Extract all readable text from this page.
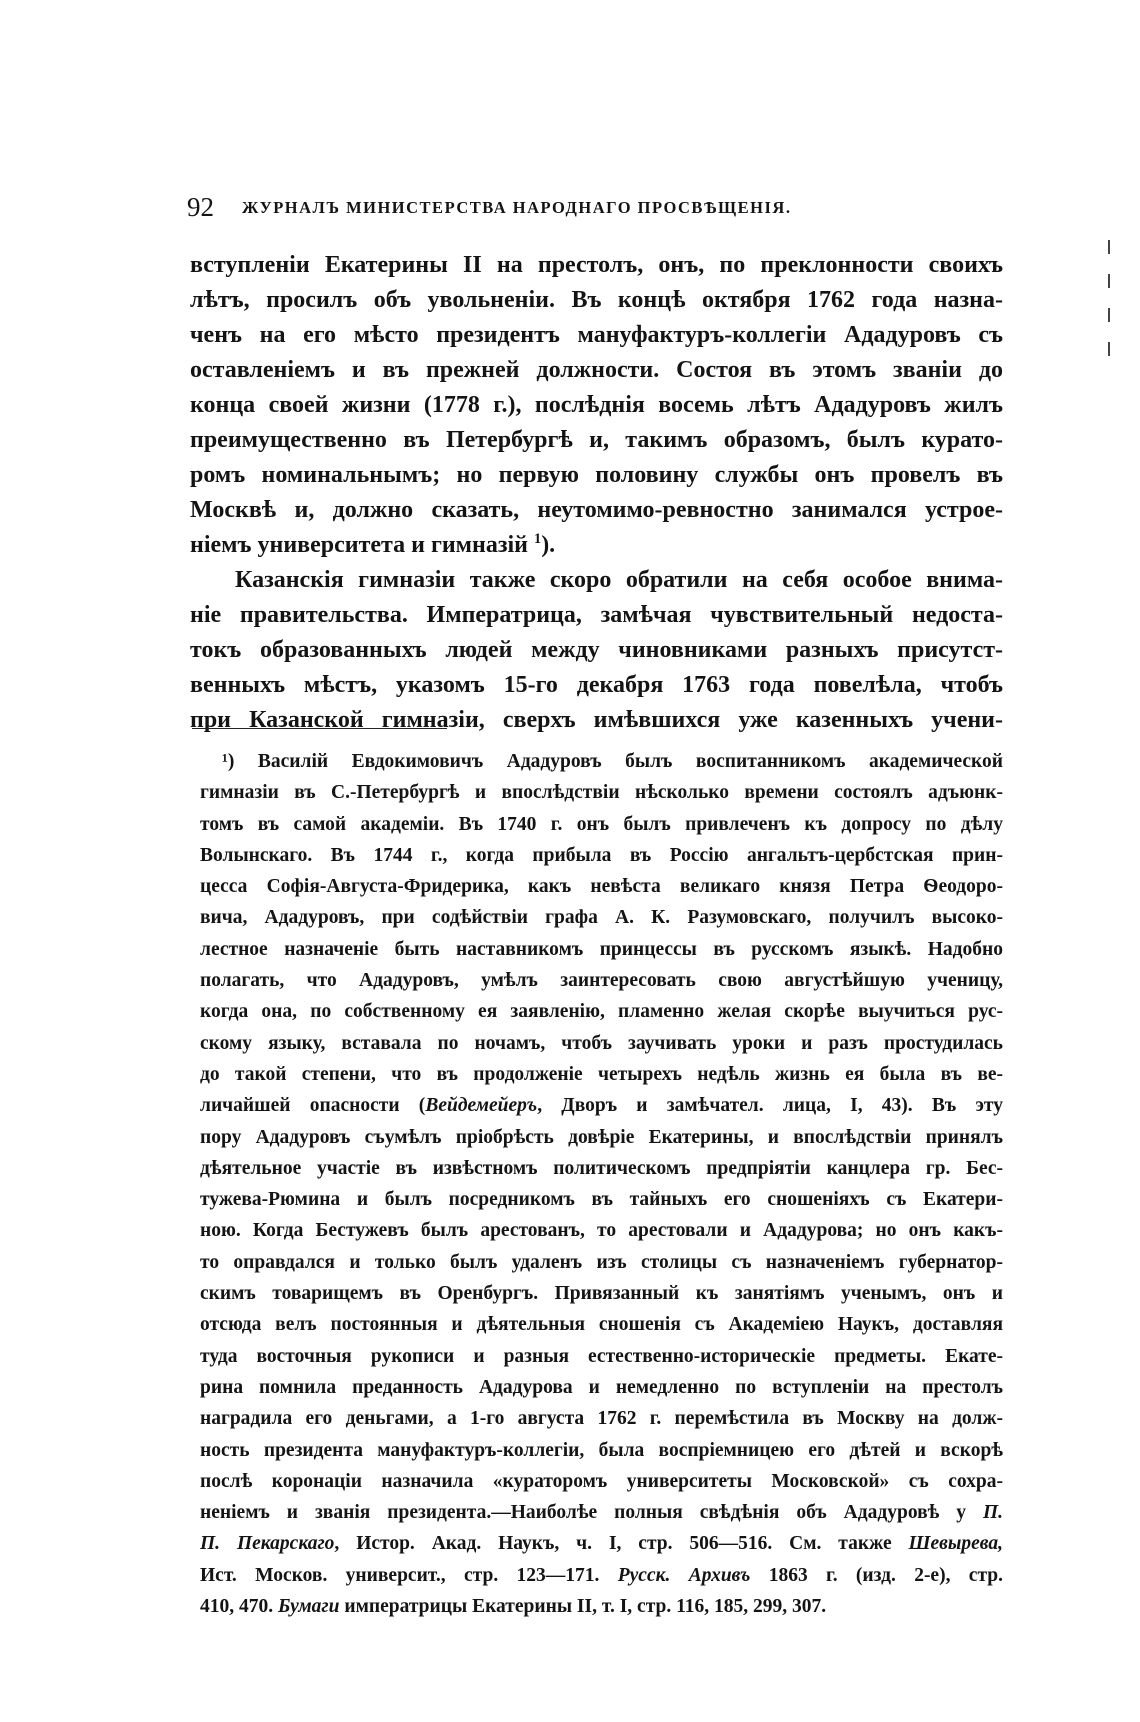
92 ЖУРНАЛЪ МИНИСТЕРСТВА НАРОДНАГО ПРОСВѢЩЕНІЯ.
вступленіи Екатерины II на престолъ, онъ, по преклонности своихъ
лѣтъ, просилъ объ увольненіи. Въ концѣ октября 1762 года назна-
ченъ на его мѣсто президентъ мануфактуръ-коллегіи Ададуровъ съ
оставленіемъ и въ прежней должности. Состоя въ этомъ званіи до
конца своей жизни (1778 г.), послѣднія восемь лѣтъ Ададуровъ жилъ
преимущественно въ Петербургѣ и, такимъ образомъ, былъ курато-
ромъ номинальнымъ; но первую половину службы онъ провелъ въ
Москвѣ и, должно сказать, неутомимо-ревностно занимался устрое-
ніемъ университета и гимназій $^1$).
Казанскія гимназіи также скоро обратили на себя особое внима-
ніе правительства. Императрица, замѣчая чувствительный недоста-
токъ образованныхъ людей между чиновниками разныхъ присутст-
венныхъ мѣстъ, указомъ 15-го декабря 1763 года повелѣла, чтобъ
при Казанской гимназіи, сверхъ имѣвшихся уже казенныхъ учени-
¹) Василій Евдокимовичъ Ададуровъ былъ воспитанникомъ академической
гимназіи въ С.-Петербургѣ и впослѣдствіи нѣсколько времени состоялъ адъюнк-
томъ въ самой академіи. Въ 1740 г. онъ былъ привлеченъ къ допросу по дѣлу
Волынскаго. Въ 1744 г., когда прибыла въ Россію ангальтъ-цербстская прин-
цесса Софія-Августа-Фридерика, какъ невѣста великаго князя Петра Ѳеодоро-
вича, Ададуровъ, при содѣйствіи графа А. К. Разумовскаго, получилъ высоко-
лестное назначеніе быть наставникомъ принцессы въ русскомъ языкѣ. Надобно
полагать, что Ададуровъ, умѣлъ заинтересовать свою августѣйшую ученицу,
когда она, по собственному ея заявленію, пламенно желая скорѣе выучиться рус-
скому языку, вставала по ночамъ, чтобъ заучивать уроки и разъ простудилась
до такой степени, что въ продолженіе четырехъ недѣль жизнь ея была въ ве-
личайшей опасности (Вейдемейеръ, Дворъ и замѣчател. лица, I, 43). Въ эту
пору Ададуровъ съумѣлъ пріобрѣсть довѣріе Екатерины, и впослѣдствіи принялъ
дѣятельное участіе въ извѣстномъ политическомъ предпріятіи канцлера гр. Бес-
тужева-Рюмина и былъ посредникомъ въ тайныхъ его сношеніяхъ съ Екатери-
ною. Когда Бестужевъ былъ арестованъ, то арестовали и Ададурова; но онъ какъ-
то оправдался и только былъ удаленъ изъ столицы съ назначеніемъ губернатор-
скимъ товарищемъ въ Оренбургъ. Привязанный къ занятіямъ ученымъ, онъ и
отсюда велъ постоянныя и дѣятельныя сношенія съ Академіею Наукъ, доставляя
туда восточныя рукописи и разныя естественно-историческіе предметы. Екате-
рина помнила преданность Ададурова и немедленно по вступленіи на престолъ
наградила его деньгами, а 1-го августа 1762 г. перемѣстила въ Москву на долж-
ность президента мануфактуръ-коллегіи, была воспріемницею его дѣтей и вскорѣ
послѣ коронаціи назначила «кураторомъ университеты Московской» съ сохра-
неніемъ и званія президента.—Наиболѣе полныя свѣдѣнія объ Ададуровѣ у П.
П. Пекарскаго, Истор. Акад. Наукъ, ч. I, стр. 506—516. См. также Шевырева,
Ист. Москов. университ., стр. 123—171. Русск. Архивъ 1863 г. (изд. 2-е), стр.
410, 470. Бумаги императрицы Екатерины II, т. I, стр. 116, 185, 299, 307.
